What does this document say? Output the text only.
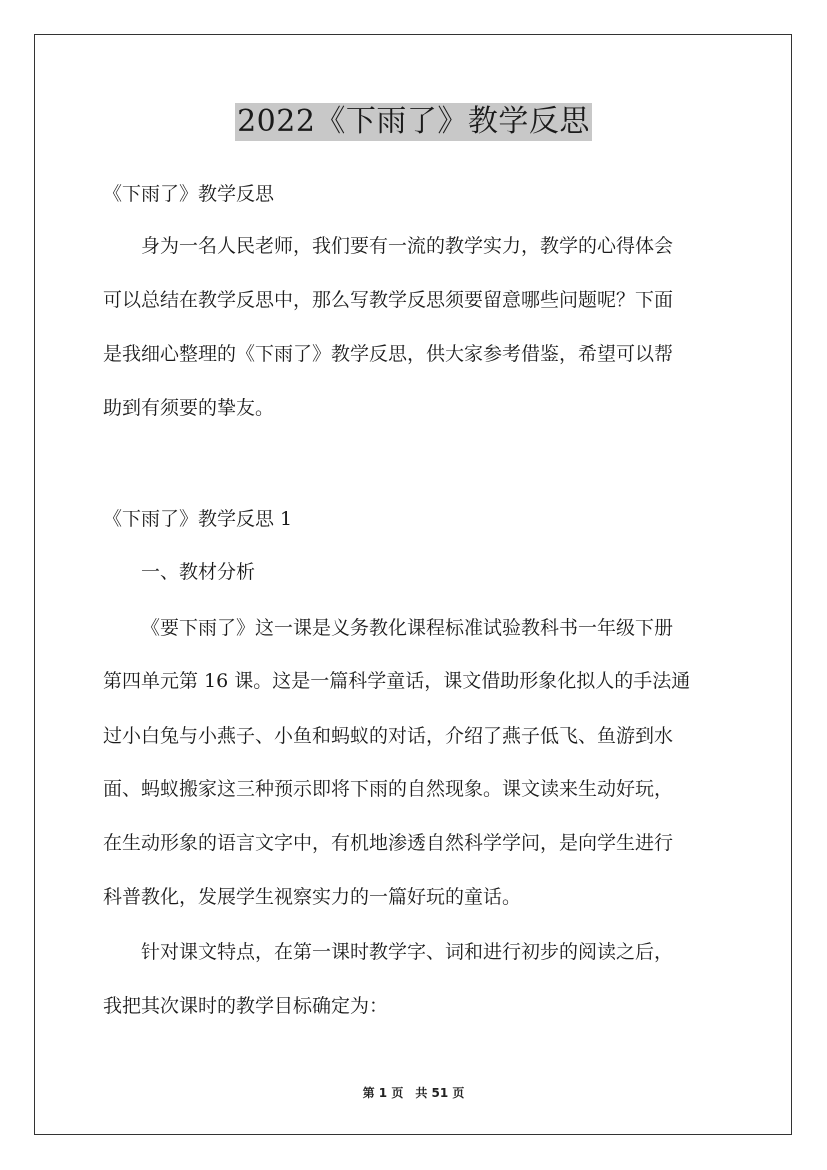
2022《下雨了》教学反思
《下雨了》教学反思
身为一名人民老师，我们要有一流的教学实力，教学的心得体会
可以总结在教学反思中，那么写教学反思须要留意哪些问题呢？下面
是我细心整理的《下雨了》教学反思，供大家参考借鉴，希望可以帮
助到有须要的挚友。
《下雨了》教学反思 1
一、教材分析
《要下雨了》这一课是义务教化课程标准试验教科书一年级下册
第四单元第 16 课。这是一篇科学童话，课文借助形象化拟人的手法通
过小白兔与小燕子、小鱼和蚂蚁的对话，介绍了燕子低飞、鱼游到水
面、蚂蚁搬家这三种预示即将下雨的自然现象。课文读来生动好玩，
在生动形象的语言文字中，有机地渗透自然科学学问，是向学生进行
科普教化，发展学生视察实力的一篇好玩的童话。
针对课文特点，在第一课时教学字、词和进行初步的阅读之后，
我把其次课时的教学目标确定为：
第 1 页　共 51 页
